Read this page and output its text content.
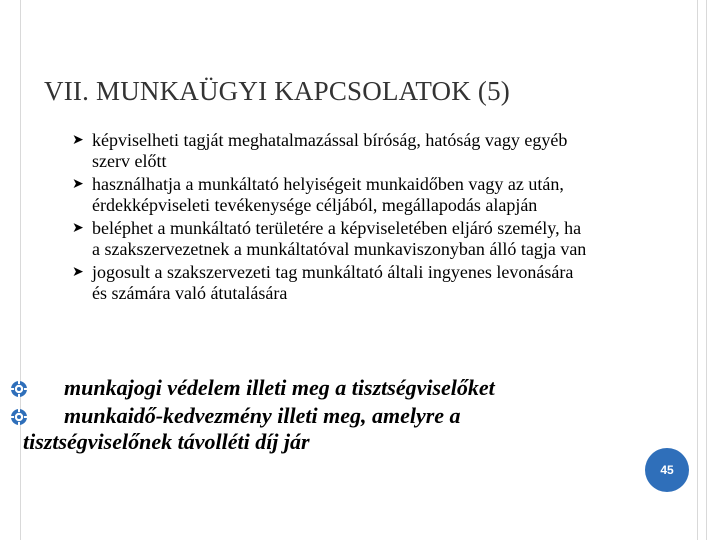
VII. MUNKAÜGYI KAPCSOLATOK (5)
➤ képviselheti tagját meghatalmazással bíróság, hatóság vagy egyéb szerv előtt
➤ használhatja a munkáltató helyiségeit munkaidőben vagy az után, érdekképviseleti tevékenysége céljából, megállapodás alapján
➤ beléphet a munkáltató területére a képviseletében eljáró személy, ha a szakszervezetnek a munkáltatóval munkaviszonyban álló tagja van
➤ jogosult a szakszervezeti tag munkáltató általi ingyenes levonására és számára való átutalására
munkajogi védelem illeti meg a tisztségviselőket
munkaidő-kedvezmény illeti meg, amelyre a
tisztségviselőnek távolléti díj jár
45
